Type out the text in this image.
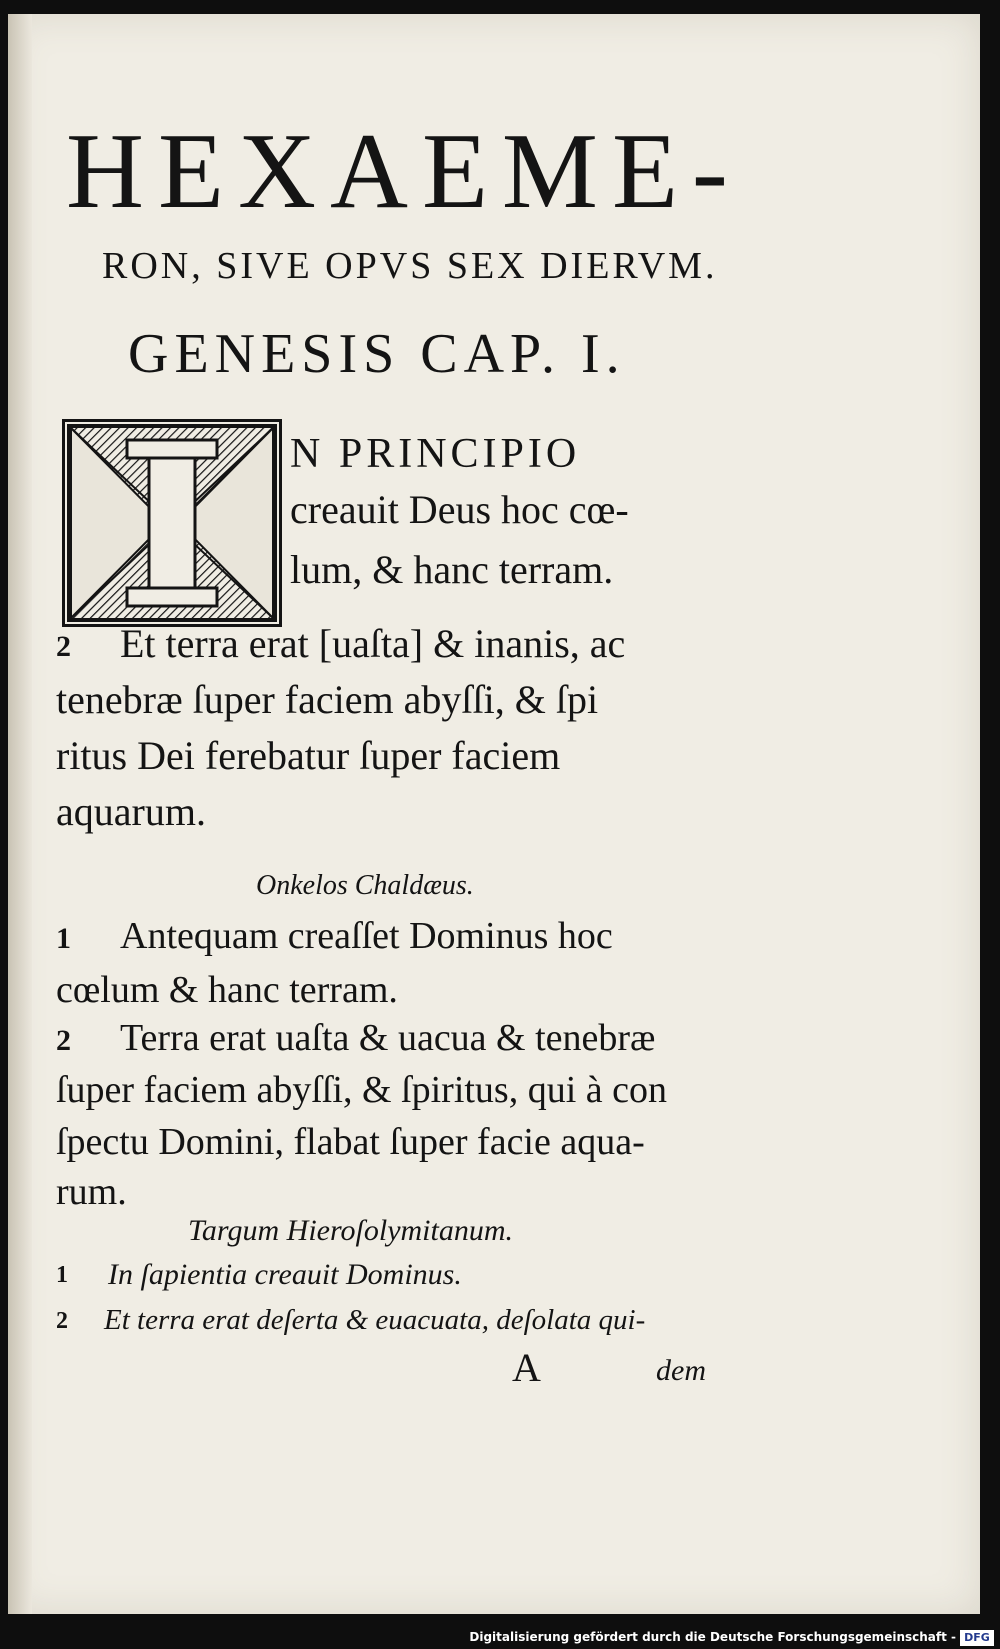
HEXAEME-
RON, SIVE OPVS SEX DIERVM.
GENESIS CAP. I.
N PRINCIPIO
creauit Deus hoc cœ-
lum, & hanc terram.
2 Et terra erat [uaſta] & inanis, ac
tenebræ ſuper faciem abyſſi, & ſpi
ritus Dei ferebatur ſuper faciem
aquarum.
Onkelos Chaldæus.
1 Antequam creaſſet Dominus hoc
cœlum & hanc terram.
2 Terra erat uaſta & uacua & tenebræ
ſuper faciem abyſſi, & ſpiritus, qui à con
ſpectu Domini, flabat ſuper facie aqua-
rum.
Targum Hieroſolymitanum.
1 In ſapientia creauit Dominus.
2 Et terra erat deſerta & euacuata, deſolata qui-
A	dem
Digitalisierung gefördert durch die Deutsche Forschungsgemeinschaft - DFG
